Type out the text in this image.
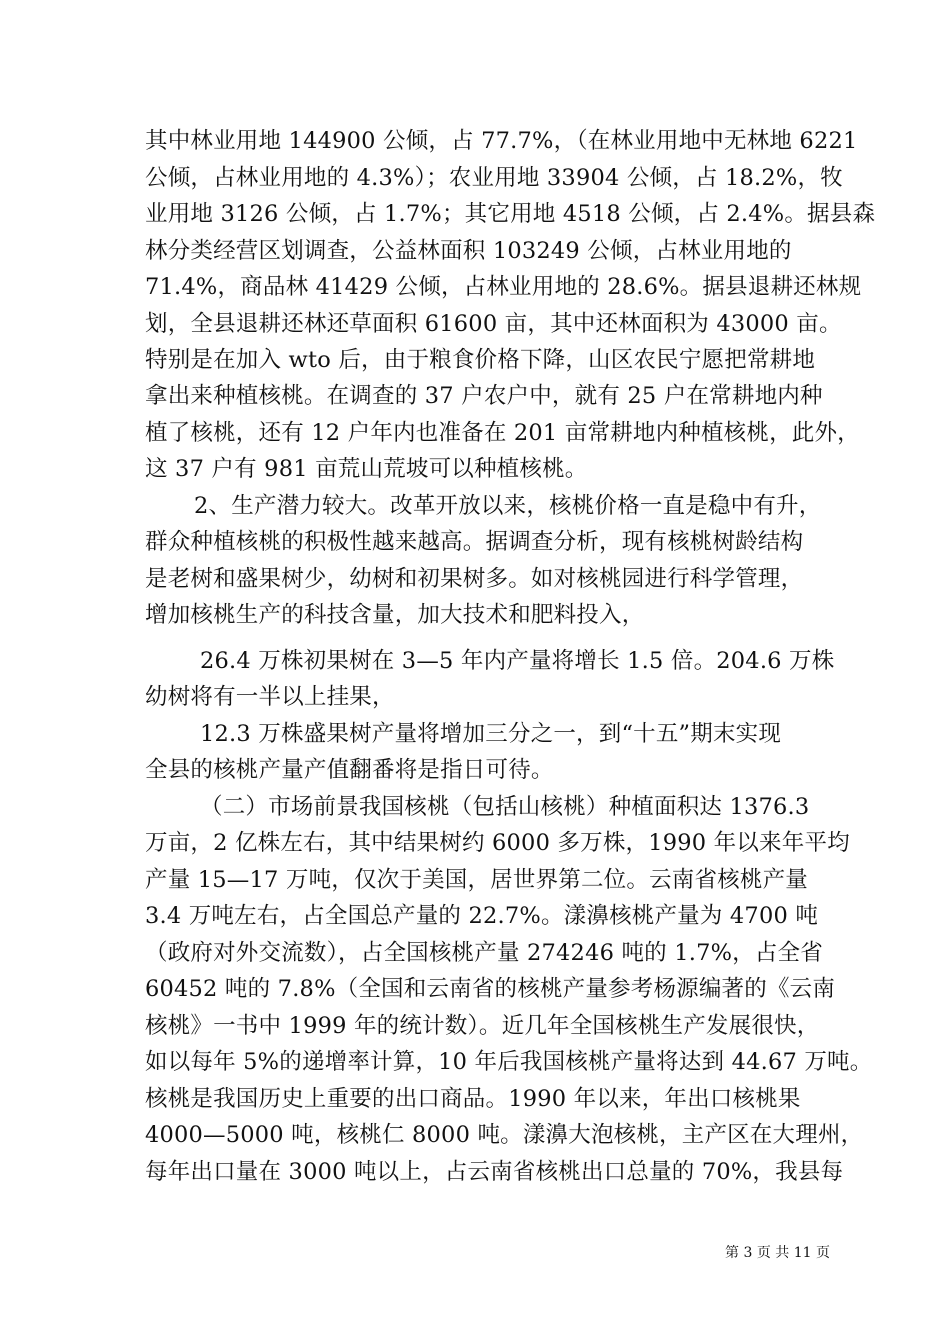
其中林业用地 144900 公倾，占 77.7%，（在林业用地中无林地 6221
公倾，占林业用地的 4.3%）；农业用地 33904 公倾，占 18.2%，牧
业用地 3126 公倾，占 1.7%；其它用地 4518 公倾，占 2.4%。据县森
林分类经营区划调查，公益林面积 103249 公倾，占林业用地的
71.4%，商品林 41429 公倾，占林业用地的 28.6%。据县退耕还林规
划，全县退耕还林还草面积 61600 亩，其中还林面积为 43000 亩。
特别是在加入 wto 后，由于粮食价格下降，山区农民宁愿把常耕地
拿出来种植核桃。在调查的 37 户农户中，就有 25 户在常耕地内种
植了核桃，还有 12 户年内也准备在 201 亩常耕地内种植核桃，此外，
这 37 户有 981 亩荒山荒坡可以种植核桃。
2、生产潜力较大。改革开放以来，核桃价格一直是稳中有升，
群众种植核桃的积极性越来越高。据调查分析，现有核桃树龄结构
是老树和盛果树少，幼树和初果树多。如对核桃园进行科学管理，
增加核桃生产的科技含量，加大技术和肥料投入，
26.4 万株初果树在 3—5 年内产量将增长 1.5 倍。204.6 万株
幼树将有一半以上挂果，
12.3 万株盛果树产量将增加三分之一，到“十五”期末实现
全县的核桃产量产值翻番将是指日可待。
（二）市场前景我国核桃（包括山核桃）种植面积达 1376.3
万亩，2 亿株左右，其中结果树约 6000 多万株，1990 年以来年平均
产量 15—17 万吨，仅次于美国，居世界第二位。云南省核桃产量
3.4 万吨左右，占全国总产量的 22.7%。漾濞核桃产量为 4700 吨
（政府对外交流数），占全国核桃产量 274246 吨的 1.7%，占全省
60452 吨的 7.8%（全国和云南省的核桃产量参考杨源编著的《云南
核桃》一书中 1999 年的统计数）。近几年全国核桃生产发展很快，
如以每年 5%的递增率计算，10 年后我国核桃产量将达到 44.67 万吨。
核桃是我国历史上重要的出口商品。1990 年以来，年出口核桃果
4000—5000 吨，核桃仁 8000 吨。漾濞大泡核桃，主产区在大理州，
每年出口量在 3000 吨以上，占云南省核桃出口总量的 70%，我县每
第 3 页 共 11 页
